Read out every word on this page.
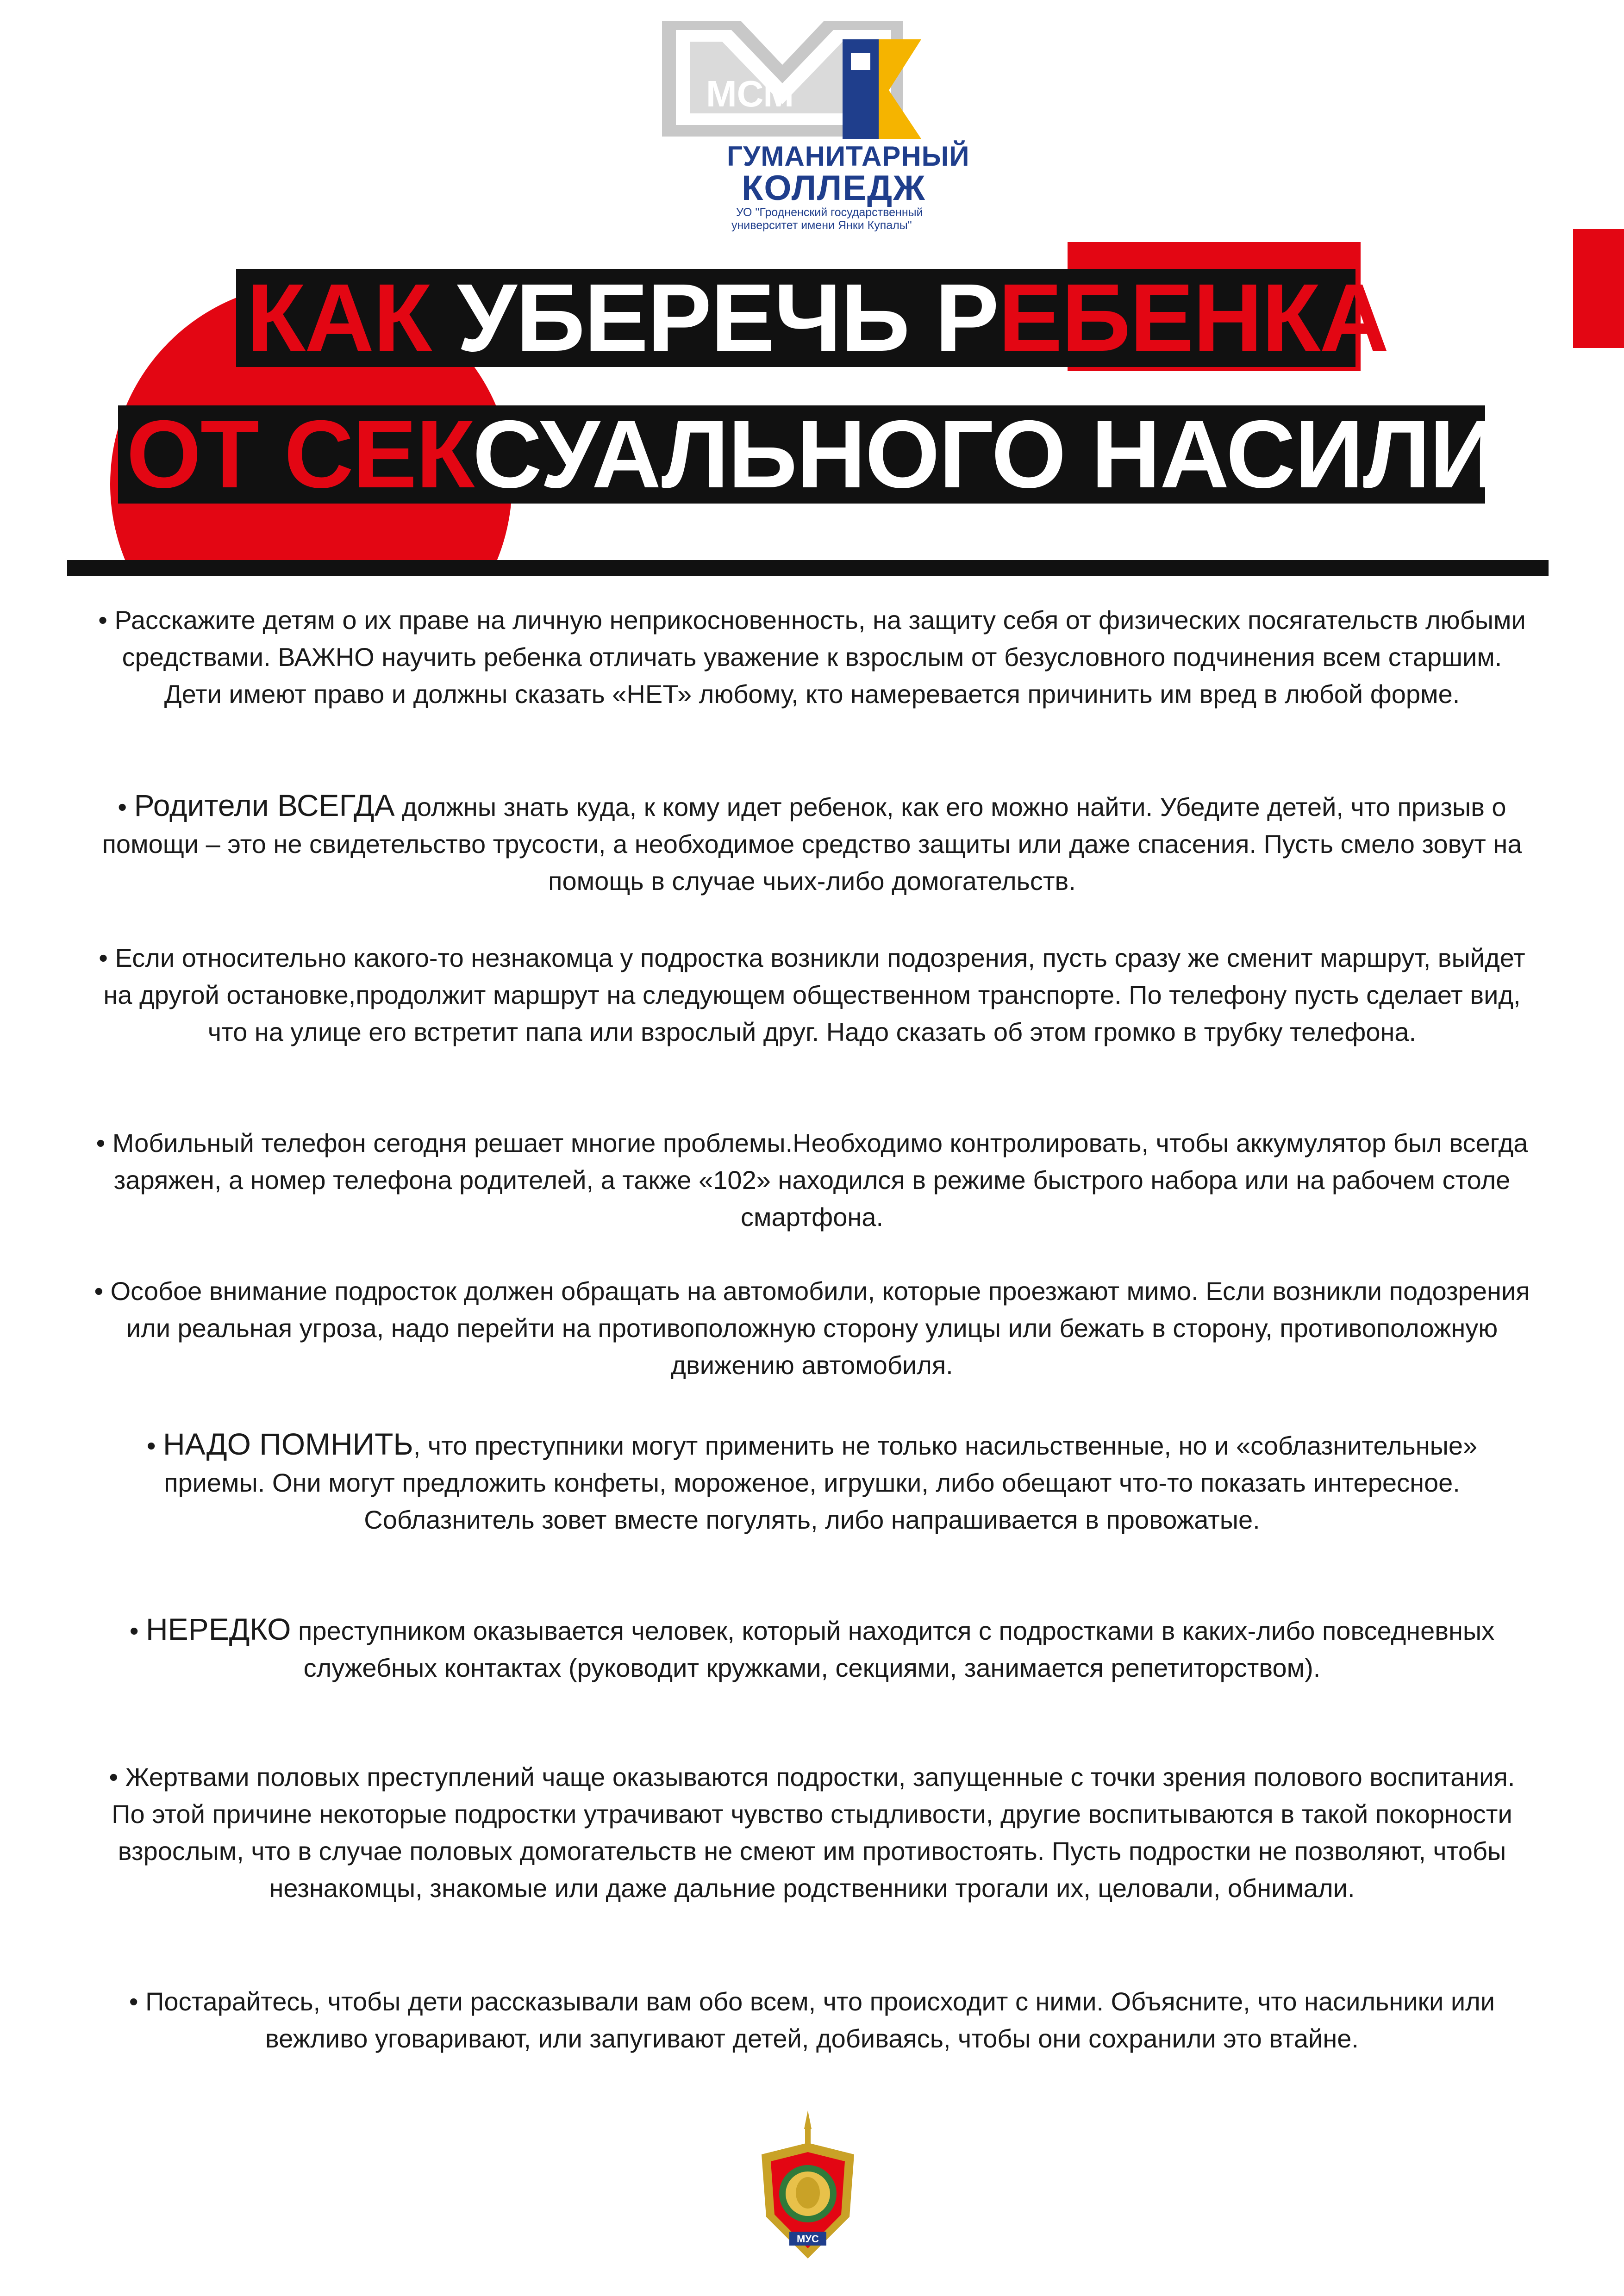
МСМ
ГУМАНИТАРНЫЙ
КОЛЛЕДЖ
УО "Гродненский государственный
университет имени Янки Купалы"
КАК УБЕРЕЧЬ РЕБЕНКА
ОТ СЕКСУАЛЬНОГО НАСИЛИЯ
• Расскажите детям о их праве на личную неприкосновенность, на защиту себя от физических посягательств любыми средствами. ВАЖНО научить ребенка отличать уважение к взрослым от безусловного подчинения всем старшим. Дети имеют право и должны сказать «НЕТ» любому, кто намеревается причинить им вред в любой форме.
• Родители ВСЕГДА должны знать куда, к кому идет ребенок, как его можно найти. Убедите детей, что призыв о помощи – это не свидетельство трусости, а необходимое средство защиты или даже спасения. Пусть смело зовут на помощь в случае чьих-либо домогательств.
• Если относительно какого-то незнакомца у подростка возникли подозрения, пусть сразу же сменит маршрут, выйдет на другой остановке,продолжит маршрут на следующем общественном транспорте. По телефону пусть сделает вид, что на улице его встретит папа или взрослый друг. Надо сказать об этом громко в трубку телефона.
• Мобильный телефон сегодня решает многие проблемы.Необходимо контролировать, чтобы аккумулятор был всегда заряжен, а номер телефона родителей, а также «102» находился в режиме быстрого набора или на рабочем столе смартфона.
• Особое внимание подросток должен обращать на автомобили, которые проезжают мимо. Если возникли подозрения или реальная угроза, надо перейти на противоположную сторону улицы или бежать в сторону, противоположную движению автомобиля.
• НАДО ПОМНИТЬ, что преступники могут применить не только насильственные, но и «соблазнительные» приемы. Они могут предложить конфеты, мороженое, игрушки, либо обещают что-то показать интересное. Соблазнитель зовет вместе погулять, либо напрашивается в провожатые.
• НЕРЕДКО преступником оказывается человек, который находится с подростками в каких-либо повседневных служебных контактах (руководит кружками, секциями, занимается репетиторством).
• Жертвами половых преступлений чаще оказываются подростки, запущенные с точки зрения полового воспитания. По этой причине некоторые подростки утрачивают чувство стыдливости, другие воспитываются в такой покорности взрослым, что в случае половых домогательств не смеют им противостоять. Пусть подростки не позволяют, чтобы незнакомцы, знакомые или даже дальние родственники трогали их, целовали, обнимали.
• Постарайтесь, чтобы дети рассказывали вам обо всем, что происходит с ними. Объясните, что насильники или вежливо уговаривают, или запугивают детей, добиваясь, чтобы они сохранили это втайне.
МУС
